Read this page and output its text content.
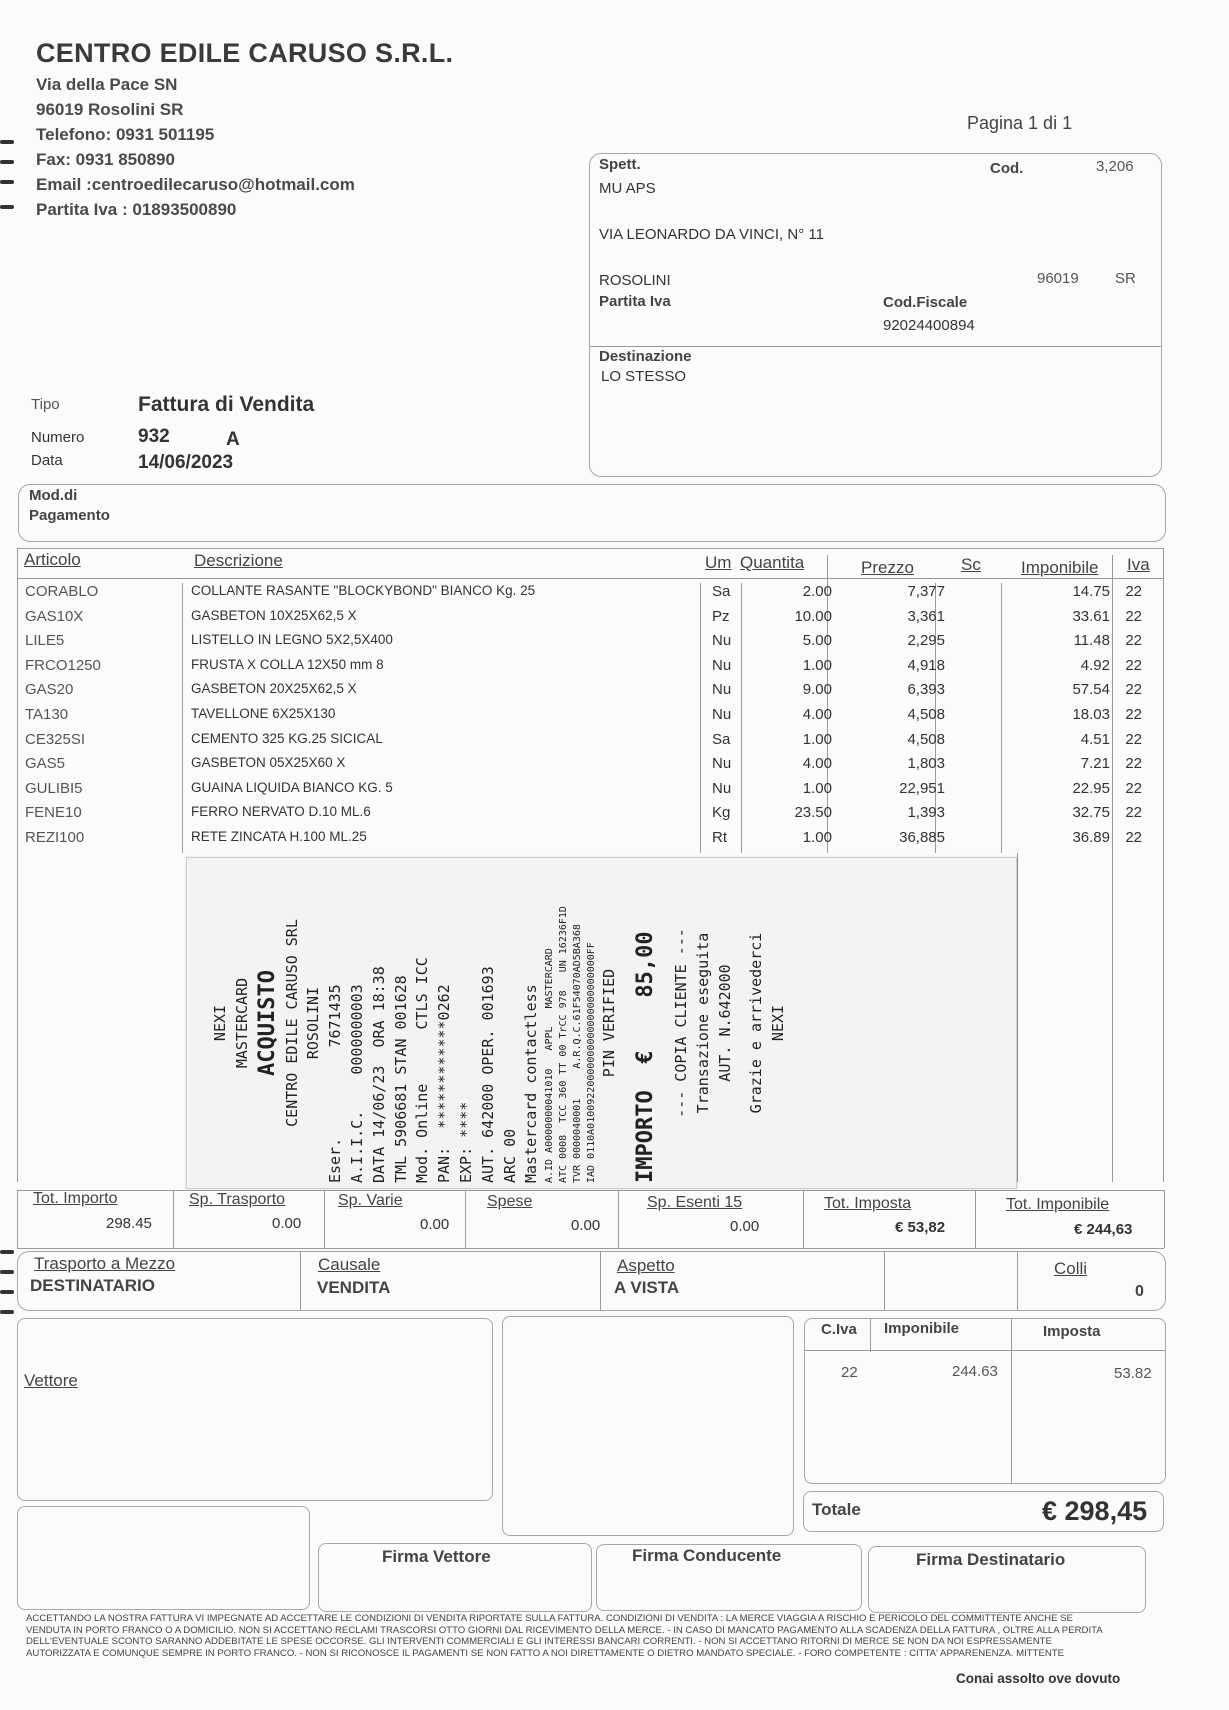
CENTRO EDILE CARUSO S.R.L.
Via della Pace SN
96019 Rosolini SR
Telefono: 0931 501195
Fax: 0931 850890
Email :centroedilecaruso@hotmail.com
Partita Iva : 01893500890
Pagina 1 di 1
Spett.	Cod.	3,206
MU APS
VIA LEONARDO DA VINCI, N° 11
ROSOLINI	96019 SR
Partita Iva	Cod.Fiscale
92024400894
Destinazione
LO STESSO
Tipo	Fattura di Vendita
Numero	932	A
Data	14/06/2023
Mod.di
Pagamento
Articolo	Descrizione	Um Quantita	Prezzo	Sc Imponibile Iva
CORABLO	COLLANTE RASANTE "BLOCKYBOND" BIANCO Kg. 25	Sa	2.00	7,377	14.75 22
GAS10X	GASBETON 10X25X62,5 X	Pz	10.00	3,361	33.61 22
LILE5	LISTELLO IN LEGNO 5X2,5X400	Nu	5.00	2,295	11.48 22
FRCO1250	FRUSTA X COLLA 12X50 mm 8	Nu	1.00	4,918	4.92 22
GAS20	GASBETON 20X25X62,5 X	Nu	9.00	6,393	57.54 22
TA130	TAVELLONE 6X25X130	Nu	4.00	4,508	18.03 22
CE325SI	CEMENTO 325 KG.25 SICICAL	Sa	1.00	4,508	4.51 22
GAS5	GASBETON 05X25X60 X	Nu	4.00	1,803	7.21 22
GULIBI5	GUAINA LIQUIDA BIANCO KG. 5	Nu	1.00	22,951	22.95 22
FENE10	FERRO NERVATO D.10 ML.6	Kg	23.50	1,393	32.75 22
REZI100	RETE ZINCATA H.100 ML.25	Rt	1.00	36,885	36.89 22
NEXI MASTERCARD ACQUISTO CENTRO EDILE CARUSO SRL ROSOLINI Eser.          7671435 A.I.I.C.    0000000003 DATA 14/06/23  ORA 18:38 TML 5906681 STAN 001628 Mod. Online      CTLS ICC PAN:  ************0262 EXP: **** AUT. 642000 OPER. 001693 ARC 00 Mastercard contactless A.ID A0000000041010   APPL   MASTERCARD ATC 0008  TCC 360 TT 00 TrCC 978   UN 16236F1D TVR 0000040001     A.R.Q.C.61F54070AD5BA368 IAD 0110A01009220000000000000000000000FF PIN VERIFIED IMPORTO  €    85,00 --- COPIA CLIENTE --- Transazione eseguita AUT. N.642000 Grazie e arrivederci NEXI
Tot. Importo
298.45
Sp. Trasporto
0.00
Sp. Varie
0.00
Spese
0.00
Sp. Esenti 15
0.00
Tot. Imposta
€ 53,82
Tot. Imponibile
€ 244,63
Trasporto a Mezzo
DESTINATARIO
Causale
VENDITA
Aspetto
A VISTA
Colli
0
Vettore
C.Iva Imponibile	Imposta
22	244.63	53.82
Totale	€ 298,45
Firma Vettore	Firma Conducente	Firma Destinatario
ACCETTANDO LA NOSTRA FATTURA VI IMPEGNATE AD ACCETTARE LE CONDIZIONI DI VENDITA RIPORTATE SULLA FATTURA. CONDIZIONI DI VENDITA : LA MERCE VIAGGIA A RISCHIO E PERICOLO DEL COMMITTENTE ANCHE SE VENDUTA IN PORTO FRANCO O A DOMICILIO. NON SI ACCETTANO RECLAMI TRASCORSI OTTO GIORNI DAL RICEVIMENTO DELLA MERCE. - IN CASO DI MANCATO PAGAMENTO ALLA SCADENZA DELLA FATTURA , OLTRE ALLA PERDITA DELL'EVENTUALE SCONTO SARANNO ADDEBITATE LE SPESE OCCORSE. GLI INTERVENTI COMMERCIALI E GLI INTERESSI BANCARI CORRENTI. - NON SI ACCETTANO RITORNI DI MERCE SE NON DA NOI ESPRESSAMENTE AUTORIZZATA E COMUNQUE SEMPRE IN PORTO FRANCO. - NON SI RICONOSCE IL PAGAMENTI SE NON FATTO A NOI DIRETTAMENTE O DIETRO MANDATO SPECIALE. - FORO COMPETENTE : CITTA' APPARENENZA. MITTENTE
Conai assolto ove dovuto
